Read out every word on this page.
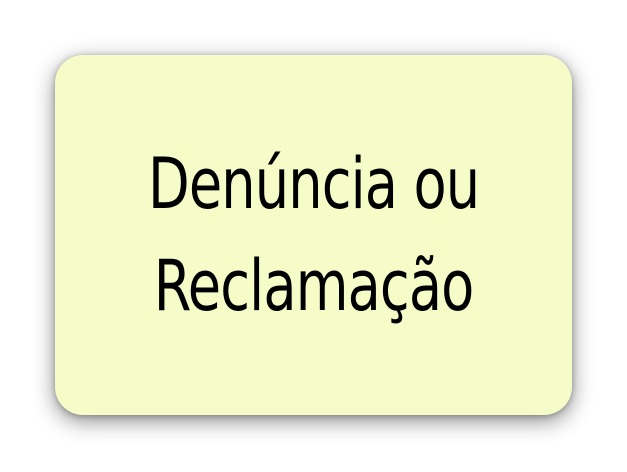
Denúncia ou
Reclamação
